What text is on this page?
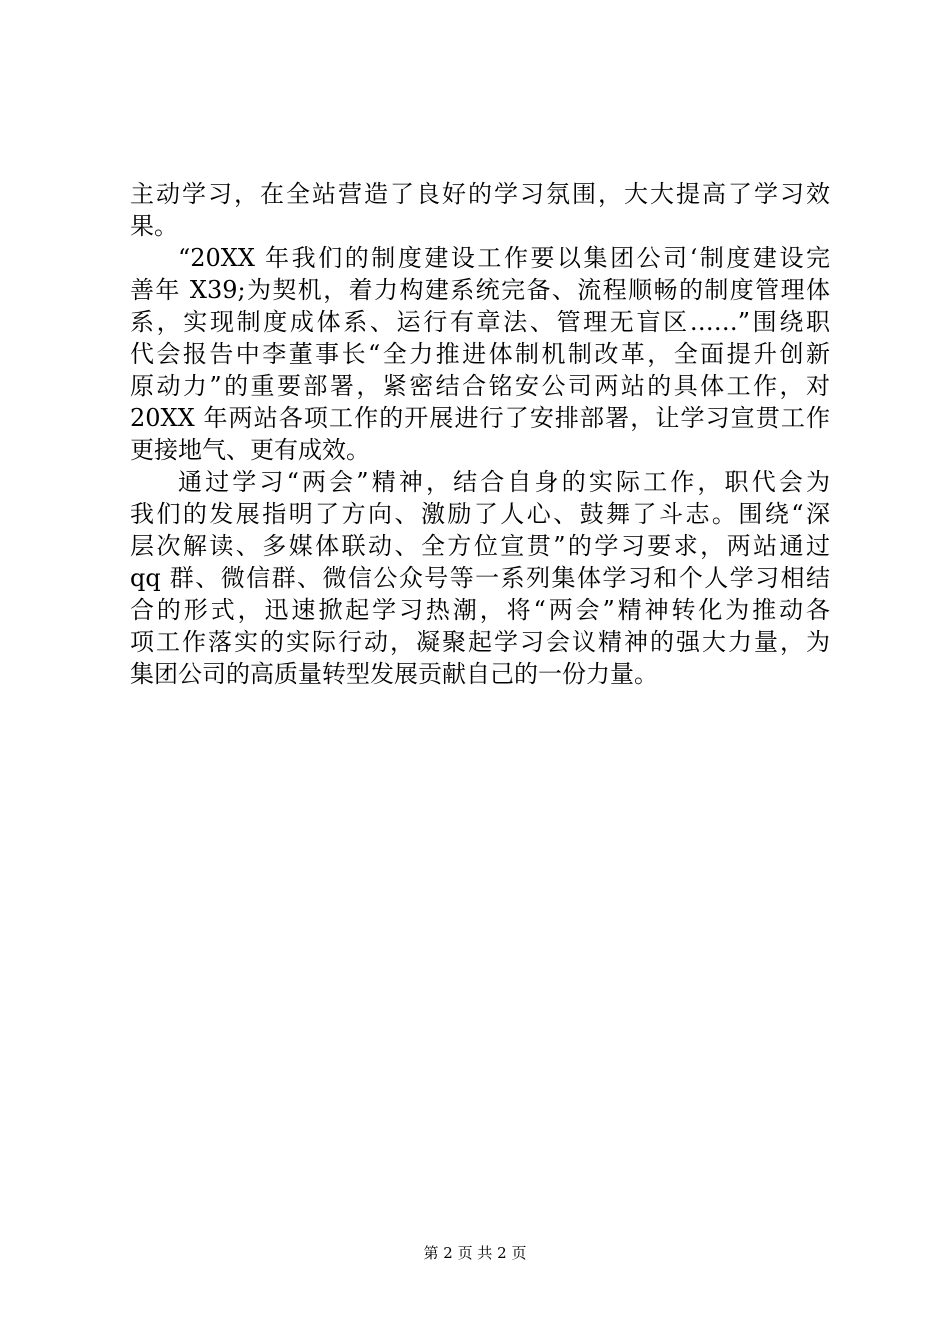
主动学习，在全站营造了良好的学习氛围，大大提高了学习效
果。
“20XX 年我们的制度建设工作要以集团公司‘制度建设完
善年 X39;为契机，着力构建系统完备、流程顺畅的制度管理体
系，实现制度成体系、运行有章法、管理无盲区……”围绕职
代会报告中李董事长“全力推进体制机制改革，全面提升创新
原动力”的重要部署，紧密结合铭安公司两站的具体工作，对
20XX 年两站各项工作的开展进行了安排部署，让学习宣贯工作
更接地气、更有成效。
通过学习“两会”精神，结合自身的实际工作，职代会为
我们的发展指明了方向、激励了人心、鼓舞了斗志。围绕“深
层次解读、多媒体联动、全方位宣贯”的学习要求，两站通过
qq 群、微信群、微信公众号等一系列集体学习和个人学习相结
合的形式，迅速掀起学习热潮，将“两会”精神转化为推动各
项工作落实的实际行动，凝聚起学习会议精神的强大力量，为
集团公司的高质量转型发展贡献自己的一份力量。
第 2 页 共 2 页
